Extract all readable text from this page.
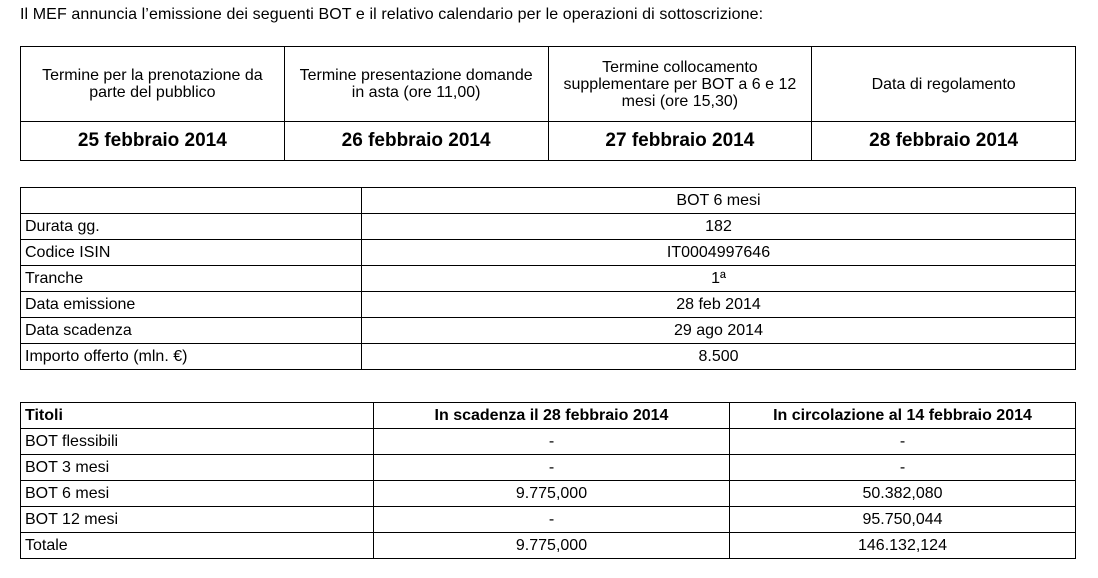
Il MEF annuncia l’emissione dei seguenti BOT e il relativo calendario per le operazioni di sottoscrizione:
Termine per la prenotazione da parte del pubblico	Termine presentazione domande in asta (ore 11,00)	Termine collocamento supplementare per BOT a 6 e 12 mesi (ore 15,30)	Data di regolamento
25 febbraio 2014	26 febbraio 2014	27 febbraio 2014	28 febbraio 2014
	BOT 6 mesi
Durata gg.	182
Codice ISIN	IT0004997646
Tranche	1ª
Data emissione	28 feb 2014
Data scadenza	29 ago 2014
Importo offerto (mln. €)	8.500
Titoli	In scadenza il 28 febbraio 2014	In circolazione al 14 febbraio 2014
BOT flessibili	-	-
BOT 3 mesi	-	-
BOT 6 mesi	9.775,000	50.382,080
BOT 12 mesi	-	95.750,044
Totale	9.775,000	146.132,124
